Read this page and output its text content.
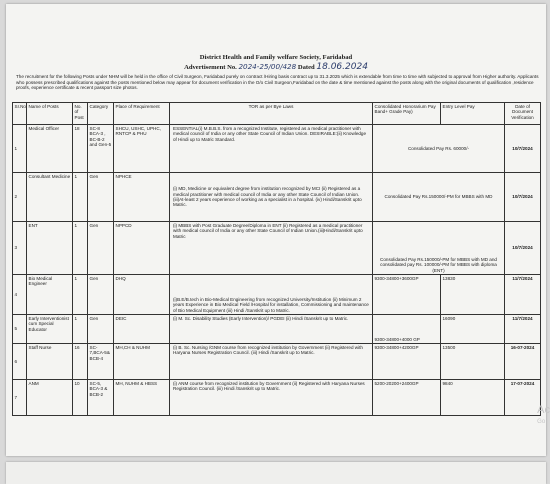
District Health and Family welfare Society, Faridabad
Advertisement No. 2024-25/00/428 Dated 18.06.2024
The recruitment for the following Posts under NHM will be held in the office of Civil Surgeon, Faridabad purely on contract /Hiring basis contract up to 31.3.2025 which is extendable from time to time with subjected to approval from Higher authority. Applicants who possess prescribed qualifications against the posts mentioned below may appear for document verification in the O/o Civil Surgeon,Faridabad on the date & time mentioned against the posts along with the original documents of qualification ,residence proofs, experience certificate & recent passport size photos.
Sr.No	Name of Posts	No. of Post	Category	Place of Requirement	TOR as per Bye Laws	Consolidated Honorarium Pay Band+ Grade Pay)	Entry Level Pay	Date of Document Verification
1	Medical Officer	18	SC-8 BCA-3 , BC-B-2 and Gen-5	SHCU, USHC, UPHC, RNTCP & PHU	ESSENTIAL(i) M.B.B.S. from a recognized Institute, registered as a medical practitioner with medical council of India or any other State Council of Indian Union. DESIRABLE:(ii) Knowledge of Hindi up to Matric Standard.	Consolidated Pay Rs. 60000/-		10/7/2024
2	Consultant Medicine	1	Gen	NPHCE	(i) MD, Medicine or equivalent degree from institution recognized by MCI (ii) Registered as a medical practitioner with medical council of India or any other State Council of Indian Union.(iii)At-least 2 years experience of working as a specialist in a hospital. (iv) Hindi/Sanskrit upto Matric.	Consolidated Pay Rs.150000/-PM for MBBS with MD		10/7/2024
3	ENT	1	Gen	NPPCD	(i) MBBS with Post Graduate Degree/Diploma in ENT (ii) Registered as a medical practitioner with medical council of India or any other State Council of Indian Union.(iii)Hindi/Sanskrit upto Matric	Consolidated Pay Rs.150000/-PM for MBBS with MD and consolidated pay Rs. 100000/-PM for MBBS with diploma (ENT)		10/7/2024
4	Bio Medical Engineer	1	Gen	DHQ	(i)B.E/B.tech in Bio-Medical Engineering from recognized University/Institution (ii) Minimum 2 years Experience in Bio Medical Field /Hospital for installation, Commissioning and maintenance of Bio Medical Equipment (iii) Hindi /Sanskrit up to Matric.	9300-34800+3600GP	13830	11/7/2024
5	Early Interventionist cum Special Educator	1	Gen	DEIC	(i) M. Sc. Disability Studies (Early Intervention)/ PGDEI (ii) Hindi /Sanskrit up to Matric.	9300-34800+4000 GP	16090	11/7/2024
6	Staff Nurse	16	SC-7,BCA-5& BCB-4	MH,CH & NUHM	(i) B. Sc. Nursing /GNM course from recognized institution by Government (ii) Registered with Haryana Nurses Registration Council. (iii) Hindi /Sanskrit up to Matric.	9300-34800+4200GP	13500	16-07-2024
7	ANM	10	SC-5, BCA-3 & BCB-2	MH, NUHM & HBSS	(i) ANM course from recognized institution by Government (ii) Registered with Haryana Nurses Registration Council. (iii) Hindi /Sanskrit up to Matric.	5200-20200+2400GP	9840	17-07-2024
Ac
Go
